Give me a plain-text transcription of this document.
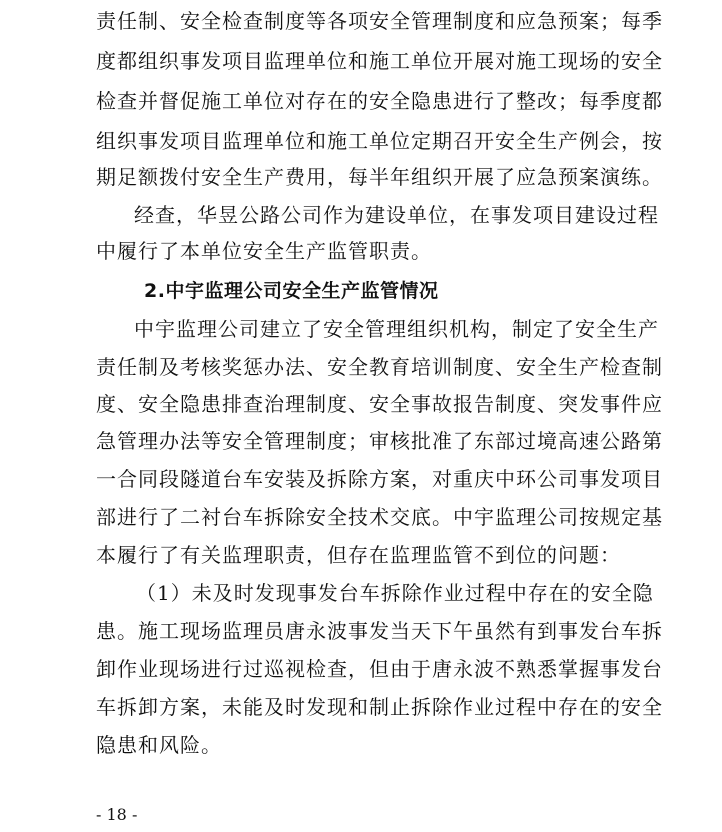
责任制、安全检查制度等各项安全管理制度和应急预案；每季
度都组织事发项目监理单位和施工单位开展对施工现场的安全
检查并督促施工单位对存在的安全隐患进行了整改；每季度都
组织事发项目监理单位和施工单位定期召开安全生产例会，按
期足额拨付安全生产费用，每半年组织开展了应急预案演练。
经查，华昱公路公司作为建设单位，在事发项目建设过程
中履行了本单位安全生产监管职责。
2.中宇监理公司安全生产监管情况
中宇监理公司建立了安全管理组织机构，制定了安全生产
责任制及考核奖惩办法、安全教育培训制度、安全生产检查制
度、安全隐患排查治理制度、安全事故报告制度、突发事件应
急管理办法等安全管理制度；审核批准了东部过境高速公路第
一合同段隧道台车安装及拆除方案，对重庆中环公司事发项目
部进行了二衬台车拆除安全技术交底。中宇监理公司按规定基
本履行了有关监理职责，但存在监理监管不到位的问题：
（1）未及时发现事发台车拆除作业过程中存在的安全隐
患。施工现场监理员唐永波事发当天下午虽然有到事发台车拆
卸作业现场进行过巡视检查，但由于唐永波不熟悉掌握事发台
车拆卸方案，未能及时发现和制止拆除作业过程中存在的安全
隐患和风险。
- 18 -
